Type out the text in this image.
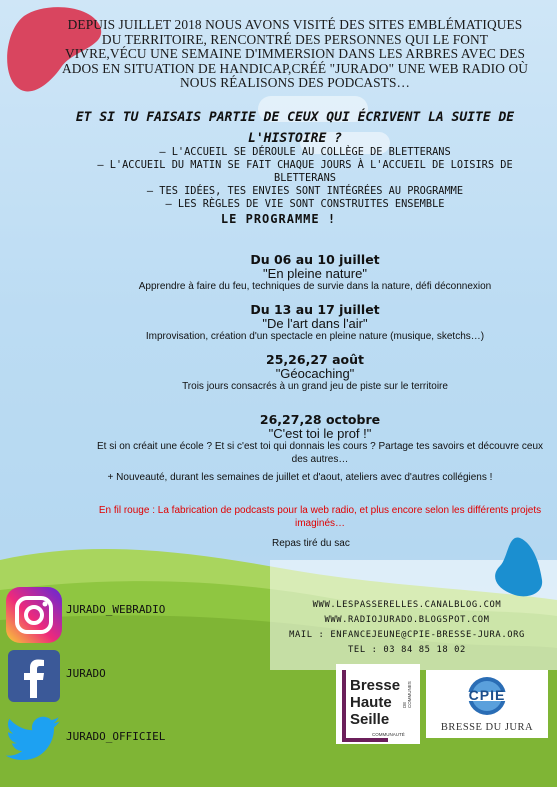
DEPUIS JUILLET 2018 NOUS AVONS VISITÉ DES SITES EMBLÉMATIQUES DU TERRITOIRE, RENCONTRÉ DES PERSONNES QUI LE FONT VIVRE,VÉCU UNE SEMAINE D'IMMERSION DANS LES ARBRES AVEC DES ADOS EN SITUATION DE HANDICAP,CRÉÉ "JURADO" UNE WEB RADIO OÙ NOUS RÉALISONS DES PODCASTS…
ET SI TU FAISAIS PARTIE DE CEUX QUI ÉCRIVENT LA SUITE DE L'HISTOIRE ?
– L'ACCUEIL SE DÉROULE AU COLLÈGE DE BLETTERANS
– L'ACCUEIL DU MATIN SE FAIT CHAQUE JOURS À L'ACCUEIL DE LOISIRS DE BLETTERANS
– TES IDÉES, TES ENVIES SONT INTÉGRÉES AU PROGRAMME
– LES RÈGLES DE VIE SONT CONSTRUITES ENSEMBLE
LE PROGRAMME !
Du 06 au 10 juillet
"En pleine nature"
Apprendre à faire du feu, techniques de survie dans la nature, défi déconnexion
Du 13 au 17 juillet
"De l'art dans l'air"
Improvisation, création d'un spectacle en pleine nature (musique, sketchs…)
25,26,27 août
"Géocaching"
Trois jours consacrés à un grand jeu de piste sur le territoire
26,27,28 octobre
"C'est toi le prof !"
Et si on créait une école ? Et si c'est toi qui donnais les cours ? Partage tes savoirs et découvre ceux des autres…
+ Nouveauté, durant les semaines de juillet et d'aout, ateliers avec d'autres collégiens !
En fil rouge : La fabrication de podcasts pour la web radio, et plus encore selon les différents projets imaginés…
Repas tiré du sac
WWW.LESPASSERELLES.CANALBLOG.COM
WWW.RADIOJURADO.BLOGSPOT.COM
MAIL : ENFANCEJEUNE@CPIE-BRESSE-JURA.ORG
TEL : 03 84 85 18 02
JURADO_WEBRADIO
JURADO
JURADO_OFFICIEL
Bresse
Haute
Seille
COMMUNAUTÉ
DE COMMUNES	CPIE
BRESSE DU JURA
